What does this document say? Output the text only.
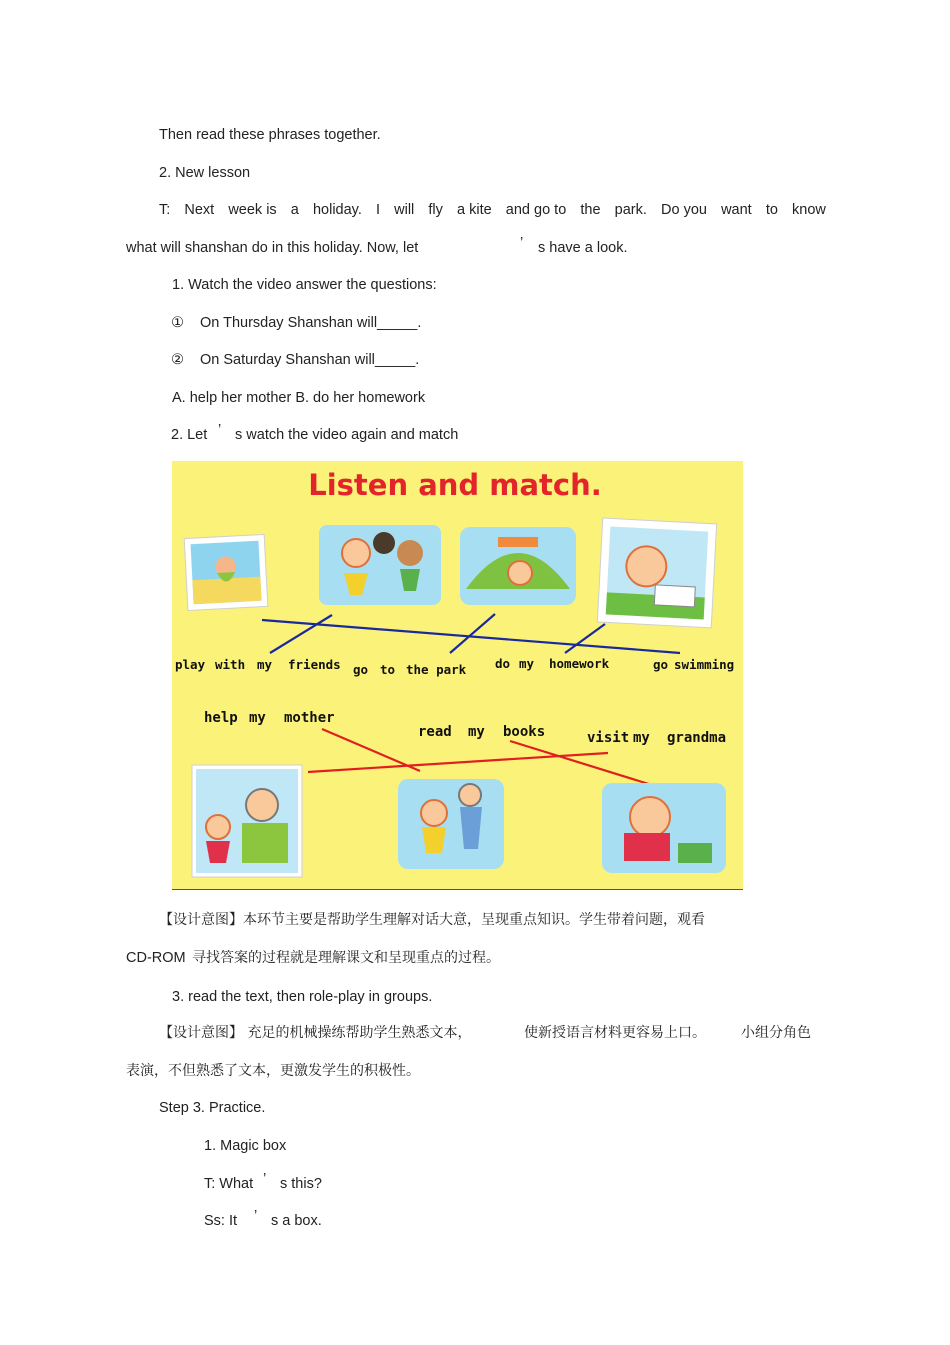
Then read these phrases together.
2. New lesson
T: Next week is a holiday. I will fly a kite and go to the park. Do you want to know
what will shanshan do in this holiday. Now, let	’ s have a look.
1. Watch the video answer the questions:
① On Thursday Shanshan will_____.
② On Saturday Shanshan will_____.
A. help her mother B. do her homework
2. Let ’ s watch the video again and match
Listen and match.
play with my friends go to the park do my homework	go swimming
help my mother
read my books	visit my grandma
【设计意图】本环节主要是帮助学生理解对话大意，呈现重点知识。学生带着问题，观看
CD-ROM 寻找答案的过程就是理解课文和呈现重点的过程。
3. read the text, then role-play in groups.
【设计意图】 充足的机械操练帮助学生熟悉文本，	使新授语言材料更容易上口。	小组分角色
表演，不但熟悉了文本，更激发学生的积极性。
Step 3. Practice.
1. Magic box
T: What ’ s this?
Ss: It ’ s a box.
